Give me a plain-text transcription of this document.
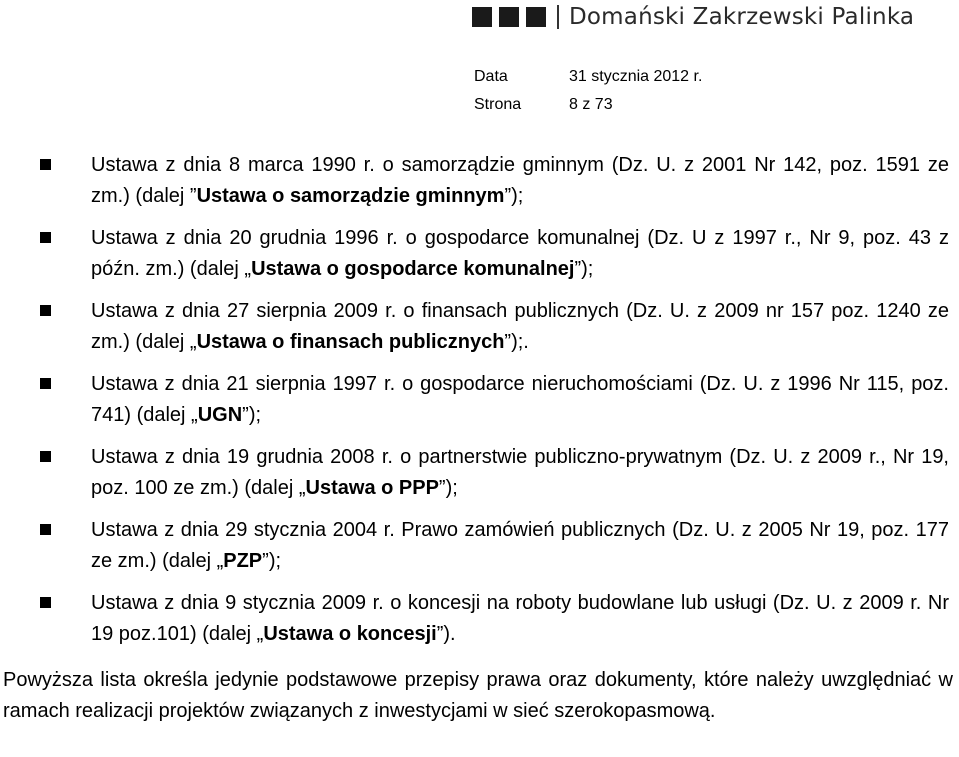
Domański Zakrzewski Palinka
Data	31 stycznia 2012 r.
Strona	8 z 73
Ustawa z dnia 8 marca 1990 r. o samorządzie gminnym (Dz. U. z 2001 Nr 142, poz. 1591 ze zm.) (dalej ”Ustawa o samorządzie gminnym”);
Ustawa z dnia 20 grudnia 1996 r. o gospodarce komunalnej (Dz. U z 1997 r., Nr 9, poz. 43 z późn. zm.) (dalej „Ustawa o gospodarce komunalnej”);
Ustawa z dnia 27 sierpnia 2009 r. o finansach publicznych (Dz. U. z 2009 nr 157 poz. 1240 ze zm.) (dalej „Ustawa o finansach publicznych”);.
Ustawa z dnia 21 sierpnia 1997 r. o gospodarce nieruchomościami (Dz. U. z 1996 Nr 115, poz. 741) (dalej „UGN”);
Ustawa z dnia 19 grudnia 2008 r. o partnerstwie publiczno-prywatnym (Dz. U. z 2009 r., Nr 19, poz. 100 ze zm.) (dalej „Ustawa o PPP”);
Ustawa z dnia 29 stycznia 2004 r. Prawo zamówień publicznych (Dz. U. z 2005 Nr 19, poz. 177 ze zm.) (dalej „PZP”);
Ustawa z dnia 9 stycznia 2009 r. o koncesji na roboty budowlane lub usługi (Dz. U. z 2009 r. Nr 19 poz.101) (dalej „Ustawa o koncesji”).

Powyższa lista określa jedynie podstawowe przepisy prawa oraz dokumenty, które należy uwzględniać w ramach realizacji projektów związanych z inwestycjami w sieć szerokopasmową.
